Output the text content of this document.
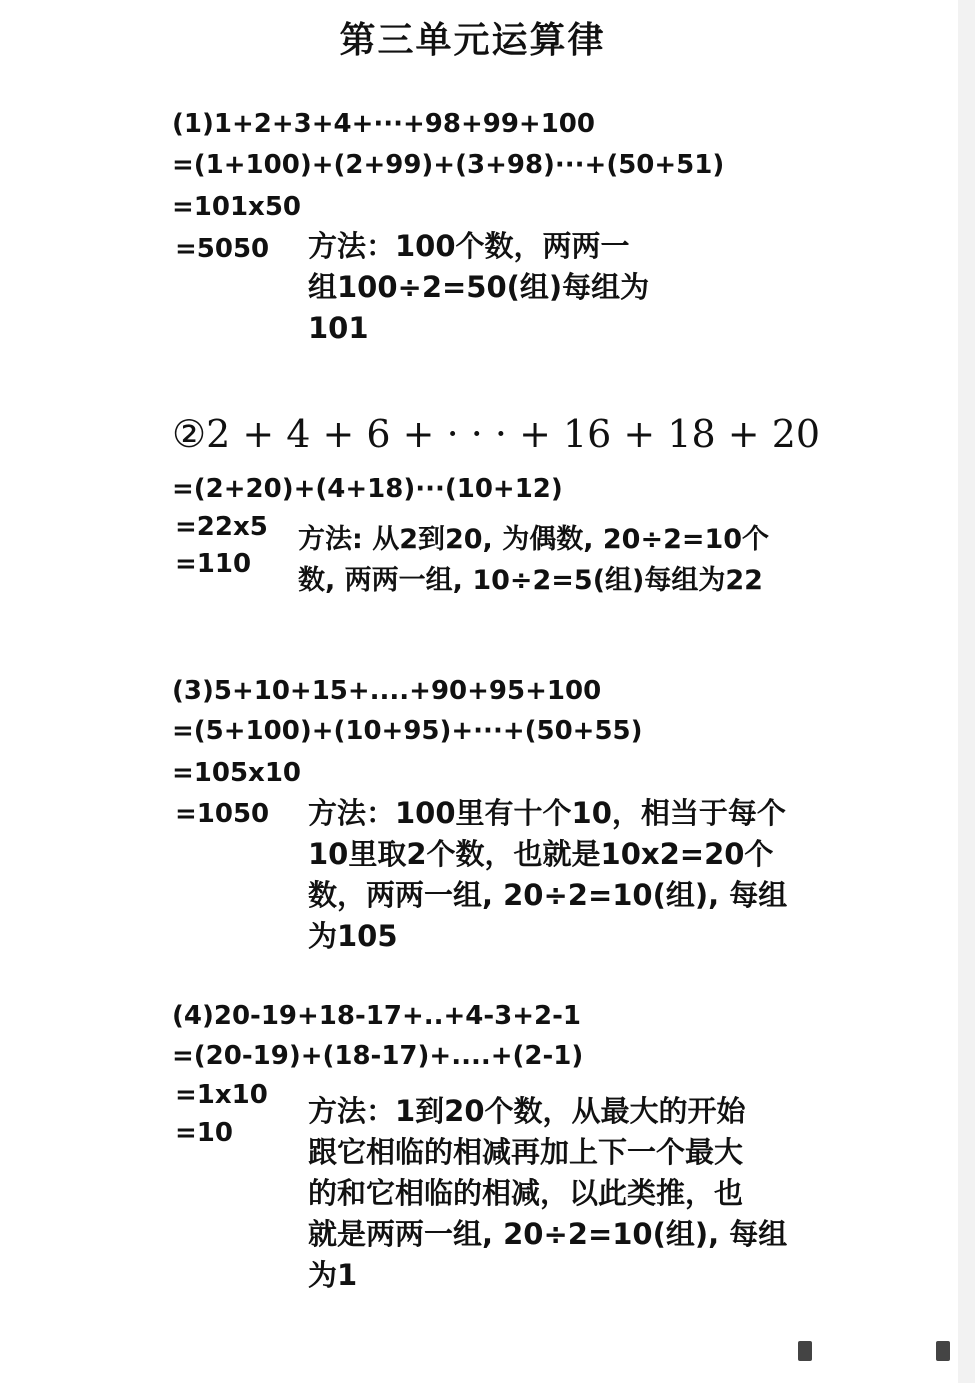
第三单元运算律
(1)1+2+3+4+···+98+99+100
=(1+100)+(2+99)+(3+98)···+(50+51)
=101x50
=5050 方法：100个数，两两一
组100÷2=50(组)每组为
101
②2 + 4 + 6 + · · · + 16 + 18 + 20
=(2+20)+(4+18)···(10+12)
=22x5
=110
方法: 从2到20, 为偶数, 20÷2=10个
数, 两两一组, 10÷2=5(组)每组为22
(3)5+10+15+....+90+95+100
=(5+100)+(10+95)+···+(50+55)
=105x10
=1050 方法：100里有十个10，相当于每个
10里取2个数，也就是10x2=20个
数，两两一组, 20÷2=10(组), 每组
为105
(4)20-19+18-17+..+4-3+2-1
=(20-19)+(18-17)+....+(2-1)
=1x10
=10
方法：1到20个数，从最大的开始
跟它相临的相减再加上下一个最大
的和它相临的相减，以此类推，也
就是两两一组, 20÷2=10(组), 每组
为1
